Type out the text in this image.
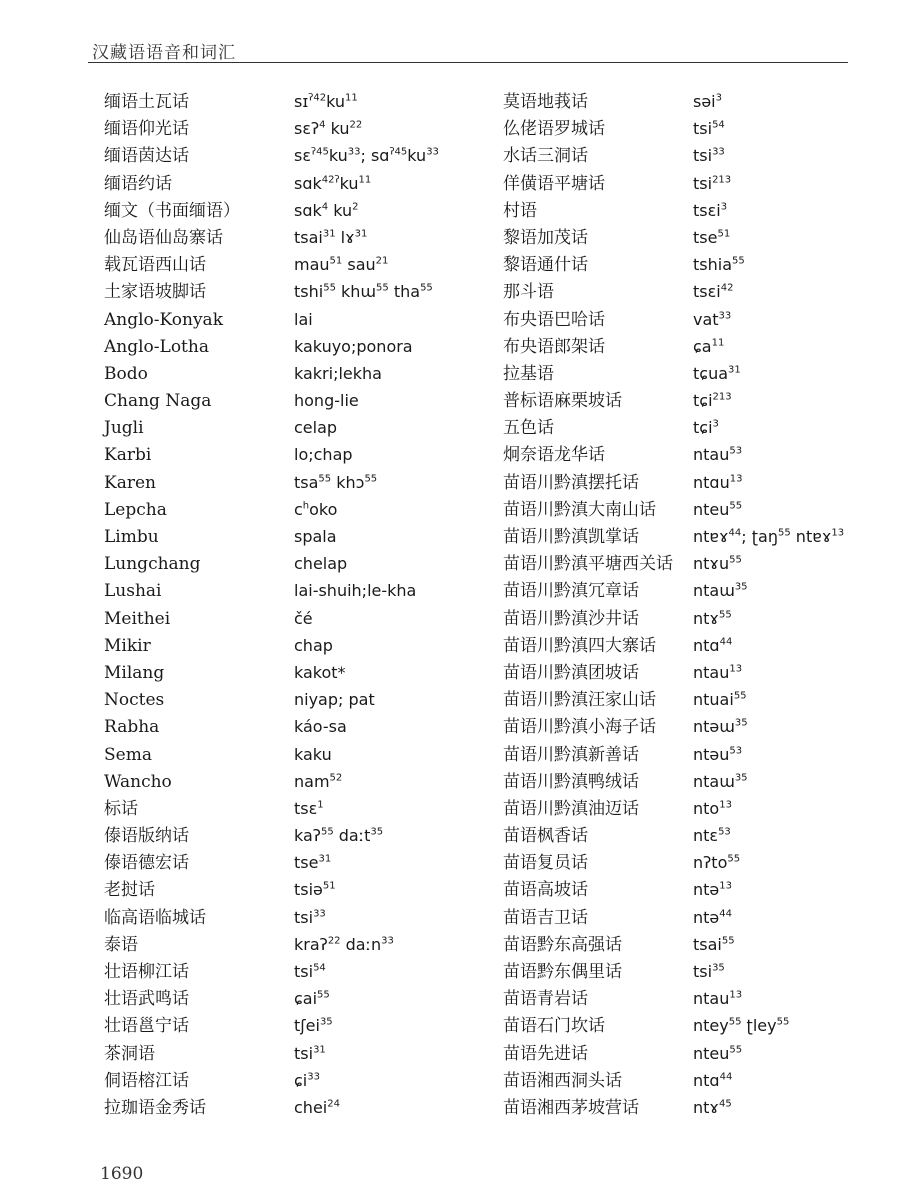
汉藏语语音和词汇
缅语土瓦话	$sɪ^{ʔ42}ku^{11}$
缅语仰光话	sɛʔ$^4$ $ku^{22}$
缅语茵达话	$sɛ^{ʔ45}ku^{33}$; $sɑ^{ʔ45}ku^{33}$
缅语约话	$sɑk^{42ʔ}ku^{11}$
缅文（书面缅语）	sɑk$^4$ $ku^2$
仙岛语仙岛寨话	tsai$^{31}$ lɤ$^{31}$
载瓦语西山话	mau$^{51}$ sau$^{21}$
土家语坡脚话	tshi$^{55}$ khɯ$^{55}$ tha$^{55}$
Anglo-Konyak	lai
Anglo-Lotha	kakuyo;ponora
Bodo	kakri;lekha
Chang Naga	hong-lie
Jugli	celap
Karbi	lo;chap
Karen	tsa$^{55}$ khɔ$^{55}$
Lepcha	$c^hoko$
Limbu	spala
Lungchang	chelap
Lushai	lai-shuih;le-kha
Meithei	čé
Mikir	chap
Milang	kakot*
Noctes	niyap; pat
Rabha	káo-sa
Sema	kaku
Wancho	nam$^{52}$
标话	tsɛ$^1$
傣语版纳话	kaʔ$^{55}$ daːt$^{35}$
傣语德宏话	tse$^{31}$
老挝话	tsiə$^{51}$
临高语临城话	tsi$^{33}$
泰语	kraʔ$^{22}$ daːn$^{33}$
壮语柳江话	tsi$^{54}$
壮语武鸣话	ɕai$^{55}$
壮语邕宁话	tʃei$^{35}$
茶洞语	tsi$^{31}$
侗语榕江话	ɕi$^{33}$
拉珈语金秀话	chei$^{24}$
莫语地莪话	səi$^3$
仫佬语罗城话	tsi$^{54}$
水话三洞话	tsi$^{33}$
佯僙语平塘话	tsi$^{213}$
村语	tsɛi$^3$
黎语加茂话	tse$^{51}$
黎语通什话	tshia$^{55}$
那斗语	tsɛi$^{42}$
布央语巴哈话	vat$^{33}$
布央语郎架话	ɕa$^{11}$
拉基语	tɕua$^{31}$
普标语麻栗坡话	tɕi$^{213}$
五色话	tɕi$^3$
炯奈语龙华话	ntau$^{53}$
苗语川黔滇摆托话	ntɑu$^{13}$
苗语川黔滇大南山话	nteu$^{55}$
苗语川黔滇凯掌话	ntɐɤ$^{44}$; ʈaŋ$^{55}$ ntɐɤ$^{13}$
苗语川黔滇平塘西关话	ntɤu$^{55}$
苗语川黔滇冗章话	ntaɯ$^{35}$
苗语川黔滇沙井话	ntɤ$^{55}$
苗语川黔滇四大寨话	ntɑ$^{44}$
苗语川黔滇团坡话	ntau$^{13}$
苗语川黔滇汪家山话	ntuai$^{55}$
苗语川黔滇小海子话	ntəɯ$^{35}$
苗语川黔滇新善话	ntəu$^{53}$
苗语川黔滇鸭绒话	ntaɯ$^{35}$
苗语川黔滇油迈话	nto$^{13}$
苗语枫香话	ntɛ$^{53}$
苗语复员话	nʔto$^{55}$
苗语高坡话	ntə$^{13}$
苗语吉卫话	ntə$^{44}$
苗语黔东高强话	tsai$^{55}$
苗语黔东偶里话	tsi$^{35}$
苗语青岩话	ntau$^{13}$
苗语石门坎话	ntey$^{55}$ ʈley$^{55}$
苗语先进话	nteu$^{55}$
苗语湘西洞头话	ntɑ$^{44}$
苗语湘西茅坡营话	ntɤ$^{45}$
1690
